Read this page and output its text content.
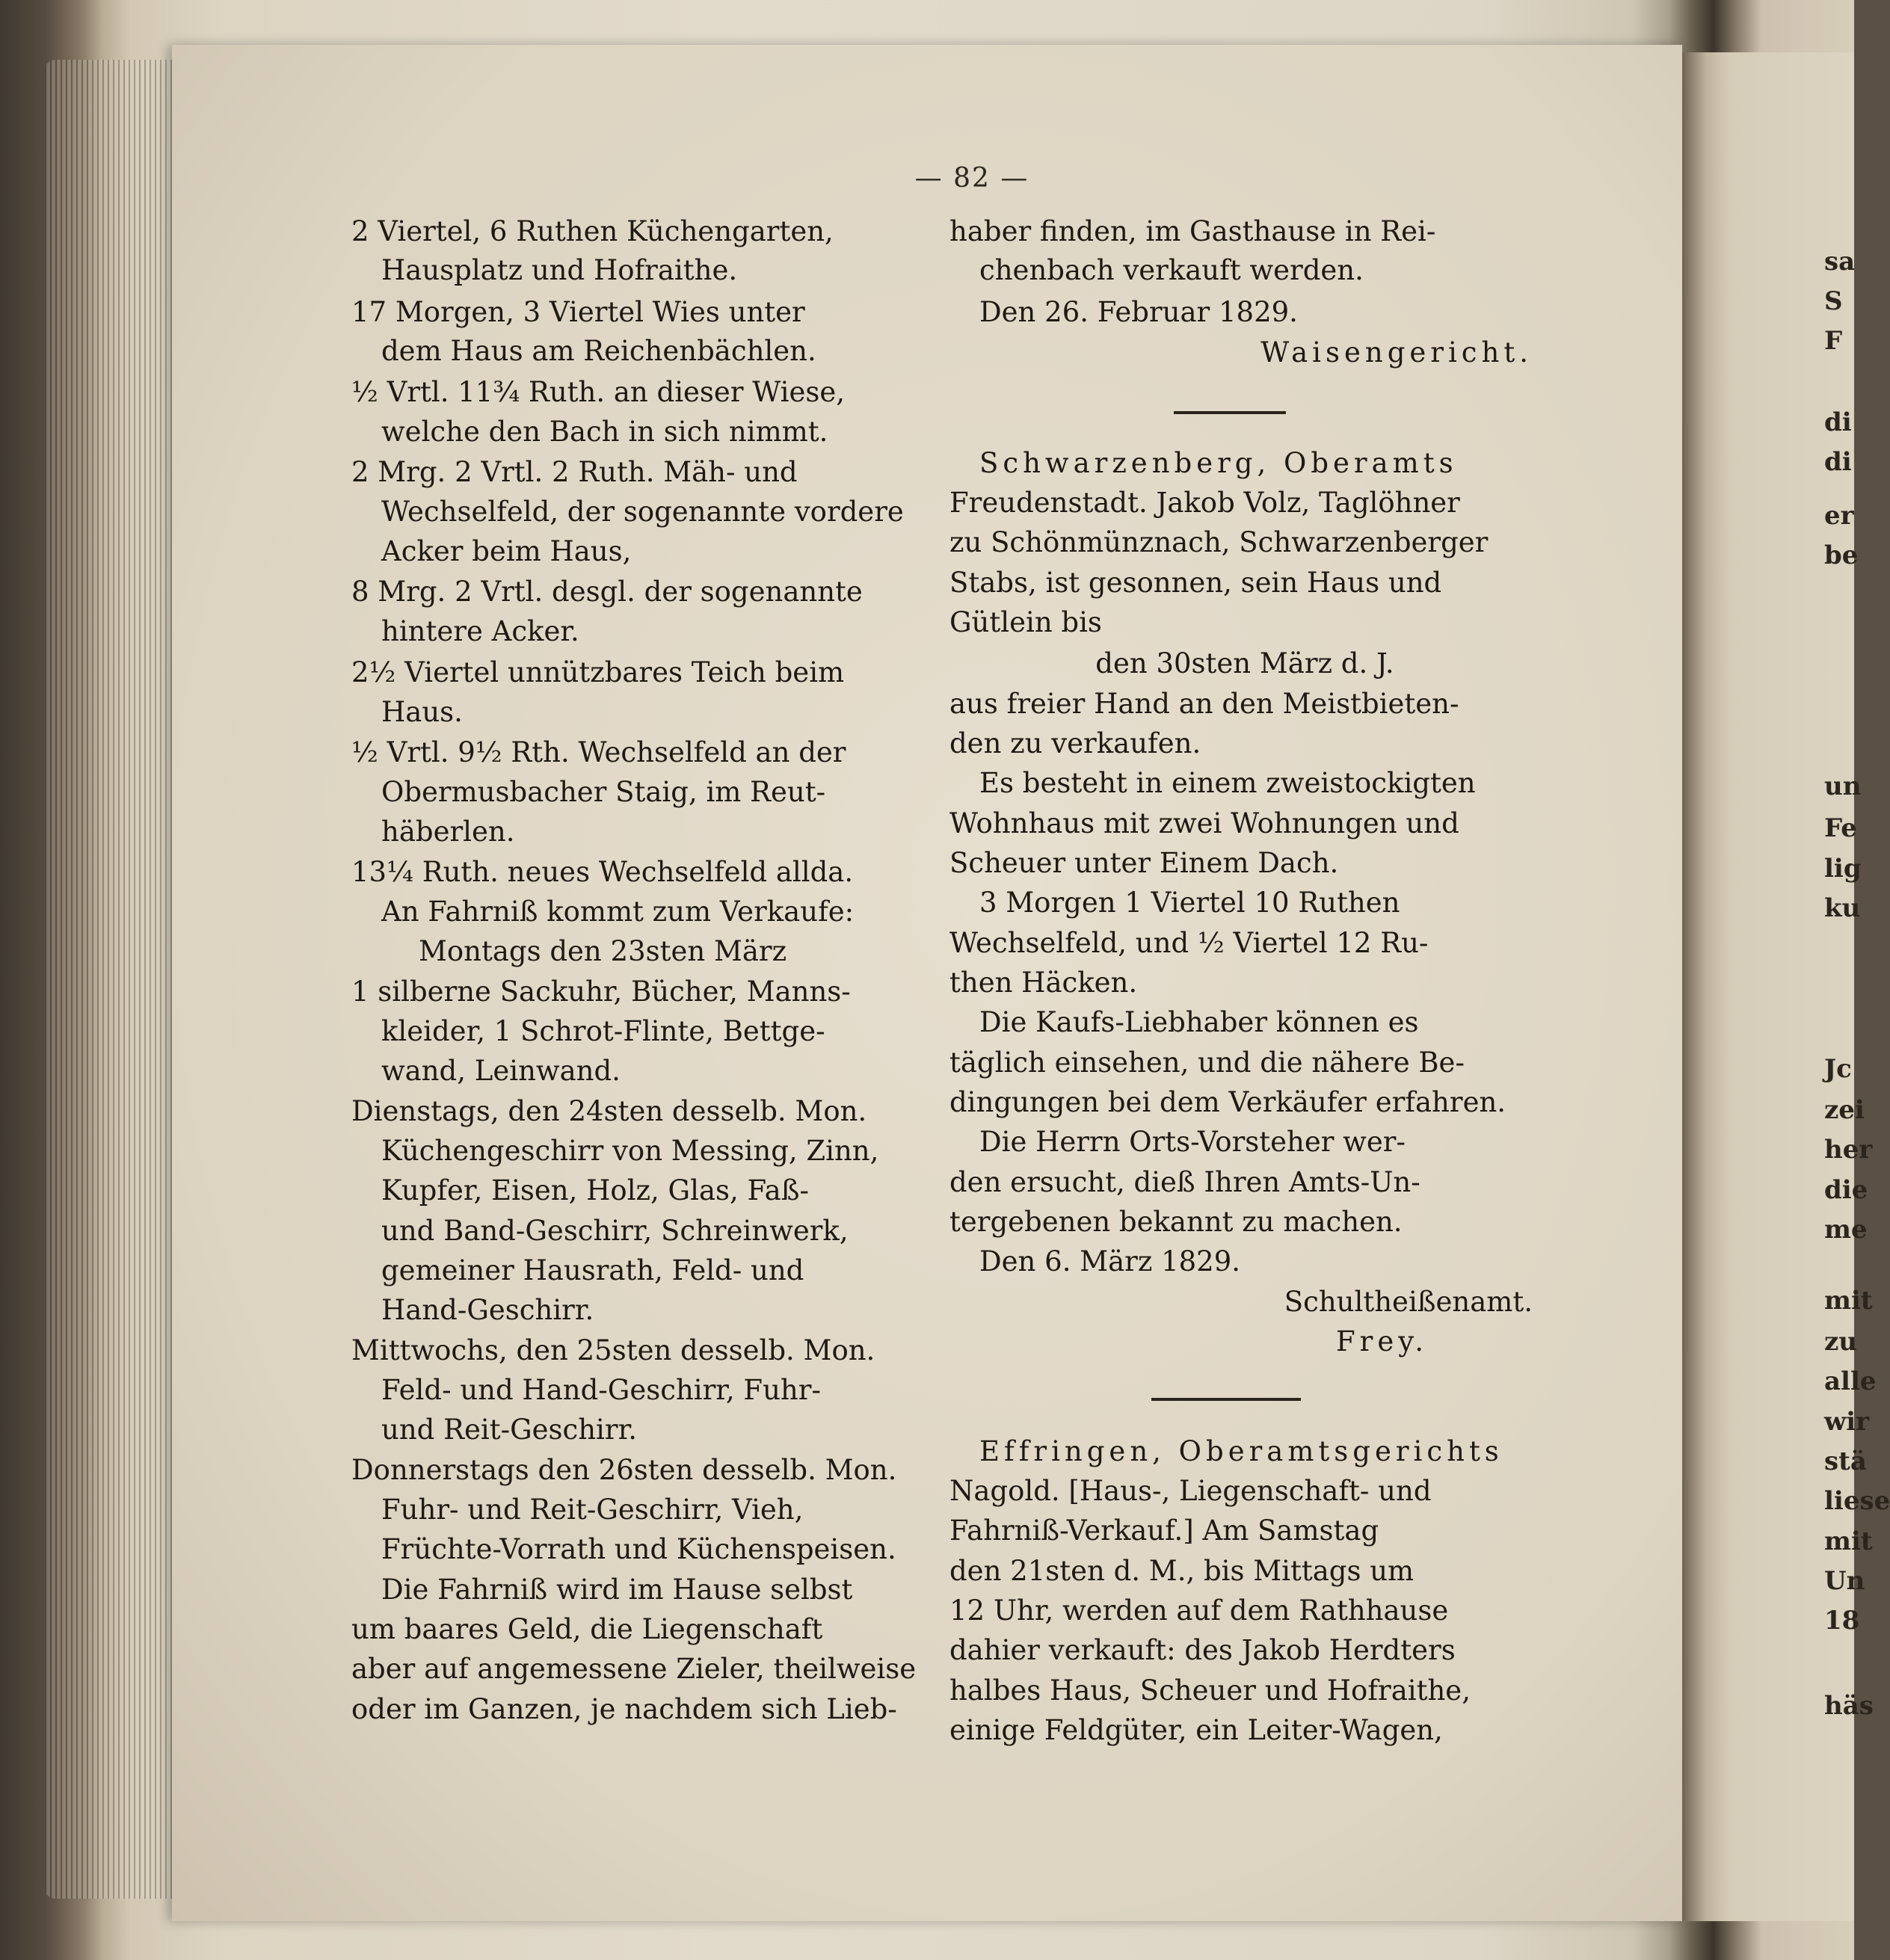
— 82 —
2 Viertel, 6 Ruthen Küchengarten,
Hausplatz und Hofraithe.
17 Morgen, 3 Viertel Wies unter
dem Haus am Reichenbächlen.
½ Vrtl. 11¾ Ruth. an dieser Wiese,
welche den Bach in sich nimmt.
2 Mrg. 2 Vrtl. 2 Ruth. Mäh- und
Wechselfeld, der sogenannte vordere
Acker beim Haus,
8 Mrg. 2 Vrtl. desgl. der sogenannte
hintere Acker.
2½ Viertel unnützbares Teich beim
Haus.
½ Vrtl. 9½ Rth. Wechselfeld an der
Obermusbacher Staig, im Reut-
häberlen.
13¼ Ruth. neues Wechselfeld allda.
An Fahrniß kommt zum Verkaufe:
Montags den 23sten März
1 silberne Sackuhr, Bücher, Manns-
kleider, 1 Schrot-Flinte, Bettge-
wand, Leinwand.
Dienstags, den 24sten desselb. Mon.
Küchengeschirr von Messing, Zinn,
Kupfer, Eisen, Holz, Glas, Faß-
und Band-Geschirr, Schreinwerk,
gemeiner Hausrath, Feld- und
Hand-Geschirr.
Mittwochs, den 25sten desselb. Mon.
Feld- und Hand-Geschirr, Fuhr-
und Reit-Geschirr.
Donnerstags den 26sten desselb. Mon.
Fuhr- und Reit-Geschirr, Vieh,
Früchte-Vorrath und Küchenspeisen.
Die Fahrniß wird im Hause selbst
um baares Geld, die Liegenschaft
aber auf angemessene Zieler, theilweise
oder im Ganzen, je nachdem sich Lieb-
haber finden, im Gasthause in Rei-
chenbach verkauft werden.
Den 26. Februar 1829.
Waisengericht.
Schwarzenberg, Oberamts
Freudenstadt. Jakob Volz, Taglöhner
zu Schönmünznach, Schwarzenberger
Stabs, ist gesonnen, sein Haus und
Gütlein bis
den 30sten März d. J.
aus freier Hand an den Meistbieten-
den zu verkaufen.
Es besteht in einem zweistockigten
Wohnhaus mit zwei Wohnungen und
Scheuer unter Einem Dach.
3 Morgen 1 Viertel 10 Ruthen
Wechselfeld, und ½ Viertel 12 Ru-
then Häcken.
Die Kaufs-Liebhaber können es
täglich einsehen, und die nähere Be-
dingungen bei dem Verkäufer erfahren.
Die Herrn Orts-Vorsteher wer-
den ersucht, dieß Ihren Amts-Un-
tergebenen bekannt zu machen.
Den 6. März 1829.
Schultheißenamt.
Frey.
Effringen, Oberamtsgerichts
Nagold. [Haus-, Liegenschaft- und
Fahrniß-Verkauf.] Am Samstag
den 21sten d. M., bis Mittags um
12 Uhr, werden auf dem Rathhause
dahier verkauft: des Jakob Herdters
halbes Haus, Scheuer und Hofraithe,
einige Feldgüter, ein Leiter-Wagen,
sa
S
F
di
di
er
be
un
Fe
lig
ku
Jc
zei
her
die
me
mit
zu
alle
wir
stä
liese
mit
Un
18
häs
